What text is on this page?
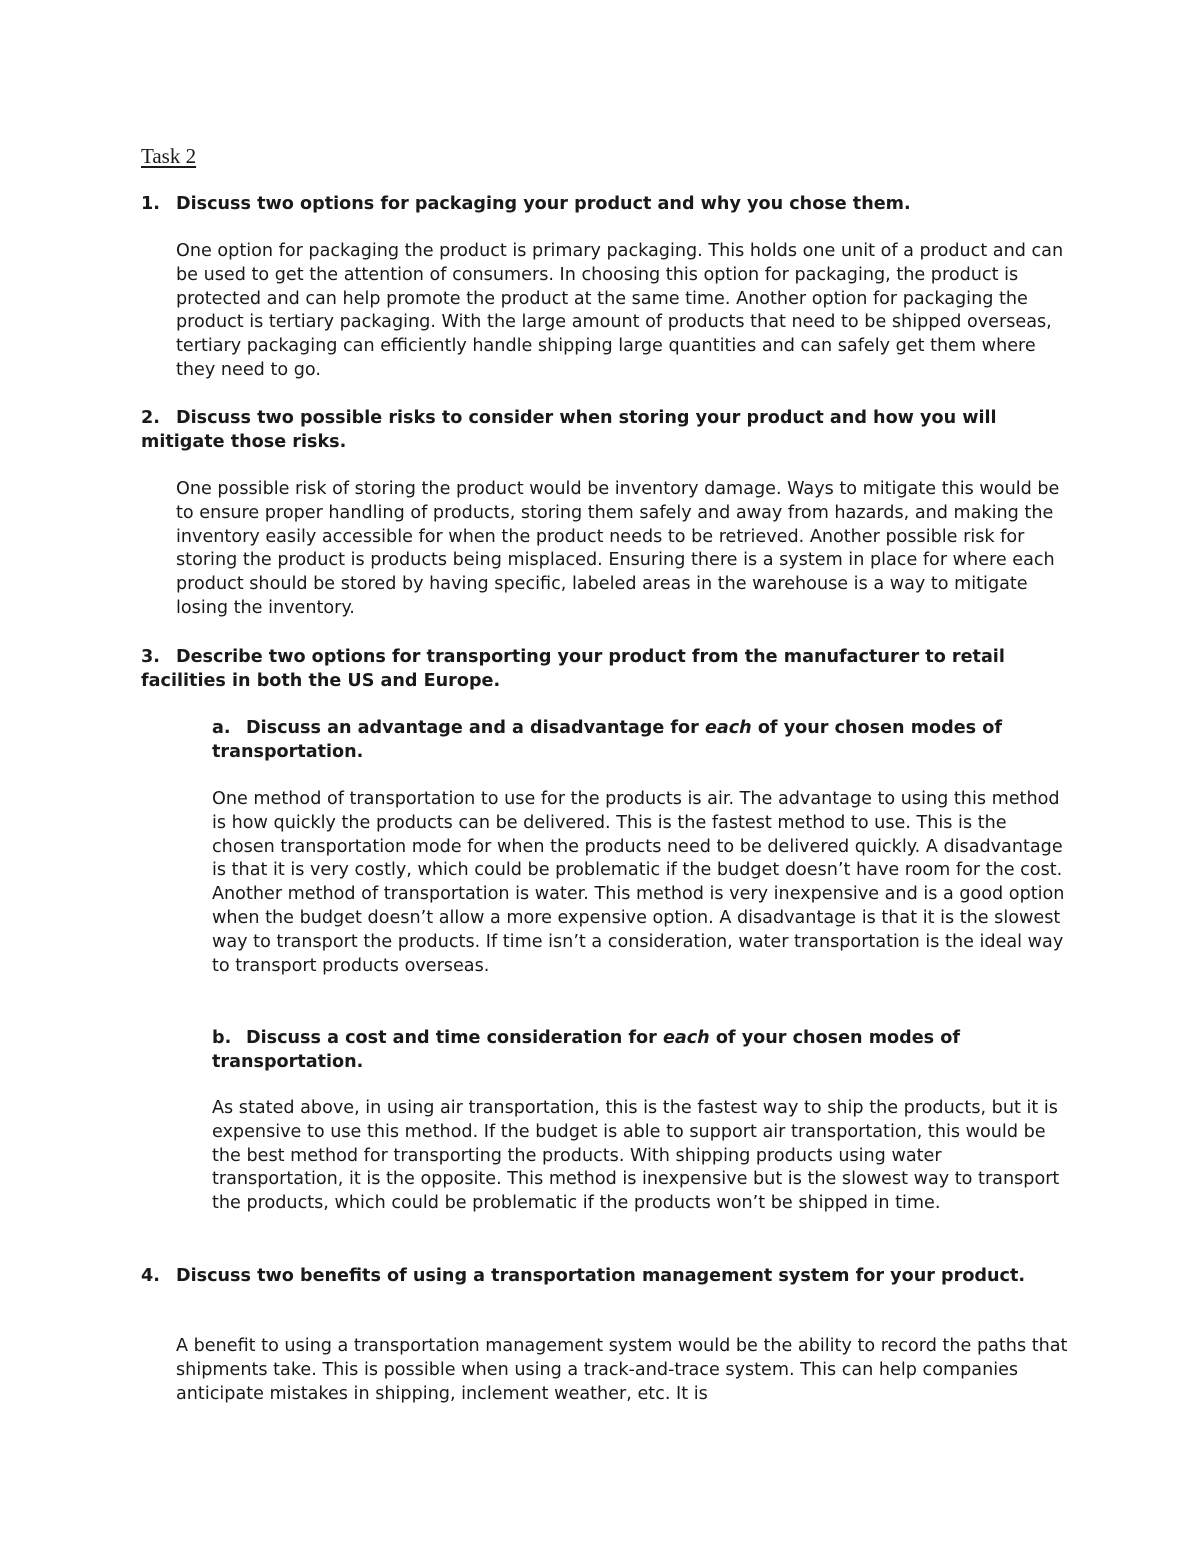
Task 2

1. Discuss two options for packaging your product and why you chose them.

One option for packaging the product is primary packaging. This holds one unit of a product and can be used to get the attention of consumers. In choosing this option for packaging, the product is protected and can help promote the product at the same time. Another option for packaging the product is tertiary packaging. With the large amount of products that need to be shipped overseas, tertiary packaging can efficiently handle shipping large quantities and can safely get them where they need to go.

2. Discuss two possible risks to consider when storing your product and how you will mitigate those risks.

One possible risk of storing the product would be inventory damage. Ways to mitigate this would be to ensure proper handling of products, storing them safely and away from hazards, and making the inventory easily accessible for when the product needs to be retrieved. Another possible risk for storing the product is products being misplaced. Ensuring there is a system in place for where each product should be stored by having specific, labeled areas in the warehouse is a way to mitigate losing the inventory.

3. Describe two options for transporting your product from the manufacturer to retail facilities in both the US and Europe.

a. Discuss an advantage and a disadvantage for each of your chosen modes of transportation.

One method of transportation to use for the products is air. The advantage to using this method is how quickly the products can be delivered. This is the fastest method to use. This is the chosen transportation mode for when the products need to be delivered quickly. A disadvantage is that it is very costly, which could be problematic if the budget doesn’t have room for the cost. Another method of transportation is water. This method is very inexpensive and is a good option when the budget doesn’t allow a more expensive option. A disadvantage is that it is the slowest way to transport the products. If time isn’t a consideration, water transportation is the ideal way to transport products overseas.

b. Discuss a cost and time consideration for each of your chosen modes of transportation.

As stated above, in using air transportation, this is the fastest way to ship the products, but it is expensive to use this method. If the budget is able to support air transportation, this would be the best method for transporting the products. With shipping products using water transportation, it is the opposite. This method is inexpensive but is the slowest way to transport the products, which could be problematic if the products won’t be shipped in time.

4. Discuss two benefits of using a transportation management system for your product.

A benefit to using a transportation management system would be the ability to record the paths that shipments take. This is possible when using a track-and-trace system. This can help companies anticipate mistakes in shipping, inclement weather, etc. It is
